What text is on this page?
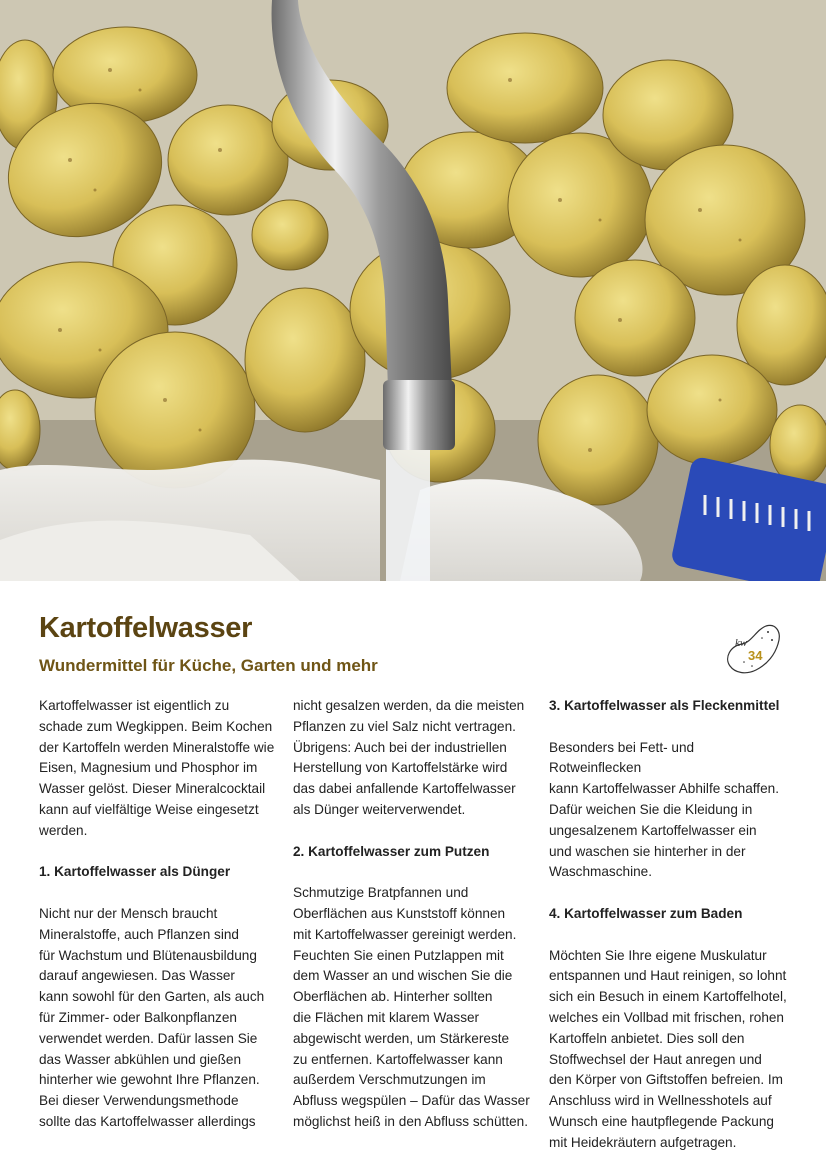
Kartoffelwasser
Wundermittel für Küche, Garten und mehr
kw
34

Kartoffelwasser ist eigentlich zu

schade zum Wegkippen. Beim Kochen

der Kartoffeln werden Mineralstoffe wie

Eisen, Magnesium und Phosphor im

Wasser gelöst. Dieser Mineralcocktail

kann auf vielfältige Weise eingesetzt

werden.

1. Kartoffelwasser als Dünger

Nicht nur der Mensch braucht

Mineralstoffe, auch Pflanzen sind

für Wachstum und Blütenausbildung

darauf angewiesen. Das Wasser

kann sowohl für den Garten, als auch

für Zimmer- oder Balkonpflanzen

verwendet werden. Dafür lassen Sie

das Wasser abkühlen und gießen

hinterher wie gewohnt Ihre Pflanzen.

Bei dieser Verwendungsmethode

sollte das Kartoffelwasser allerdings

nicht gesalzen werden, da die meisten

Pflanzen zu viel Salz nicht vertragen.

Übrigens: Auch bei der industriellen

Herstellung von Kartoffelstärke wird

das dabei anfallende Kartoffelwasser

als Dünger weiterverwendet.

2. Kartoffelwasser zum Putzen

Schmutzige Bratpfannen und

Oberflächen aus Kunststoff können

mit Kartoffelwasser gereinigt werden.

Feuchten Sie einen Putzlappen mit

dem Wasser an und wischen Sie die

Oberflächen ab. Hinterher sollten

die Flächen mit klarem Wasser

abgewischt werden, um Stärkereste

zu entfernen. Kartoffelwasser kann

außerdem Verschmutzungen im

Abfluss wegspülen – Dafür das Wasser

möglichst heiß in den Abfluss schütten.

3. Kartoffelwasser als Fleckenmittel

Besonders bei Fett- und Rotweinflecken

kann Kartoffelwasser Abhilfe schaffen.

Dafür weichen Sie die Kleidung in

ungesalzenem Kartoffelwasser ein

und waschen sie hinterher in der

Waschmaschine.

4. Kartoffelwasser zum Baden

Möchten Sie Ihre eigene Muskulatur

entspannen und Haut reinigen, so lohnt

sich ein Besuch in einem Kartoffelhotel,

welches ein Vollbad mit frischen, rohen

Kartoffeln anbietet. Dies soll den

Stoffwechsel der Haut anregen und

den Körper von Giftstoffen befreien. Im

Anschluss wird in Wellnesshotels auf

Wunsch eine hautpflegende Packung

mit Heidekräutern aufgetragen.
